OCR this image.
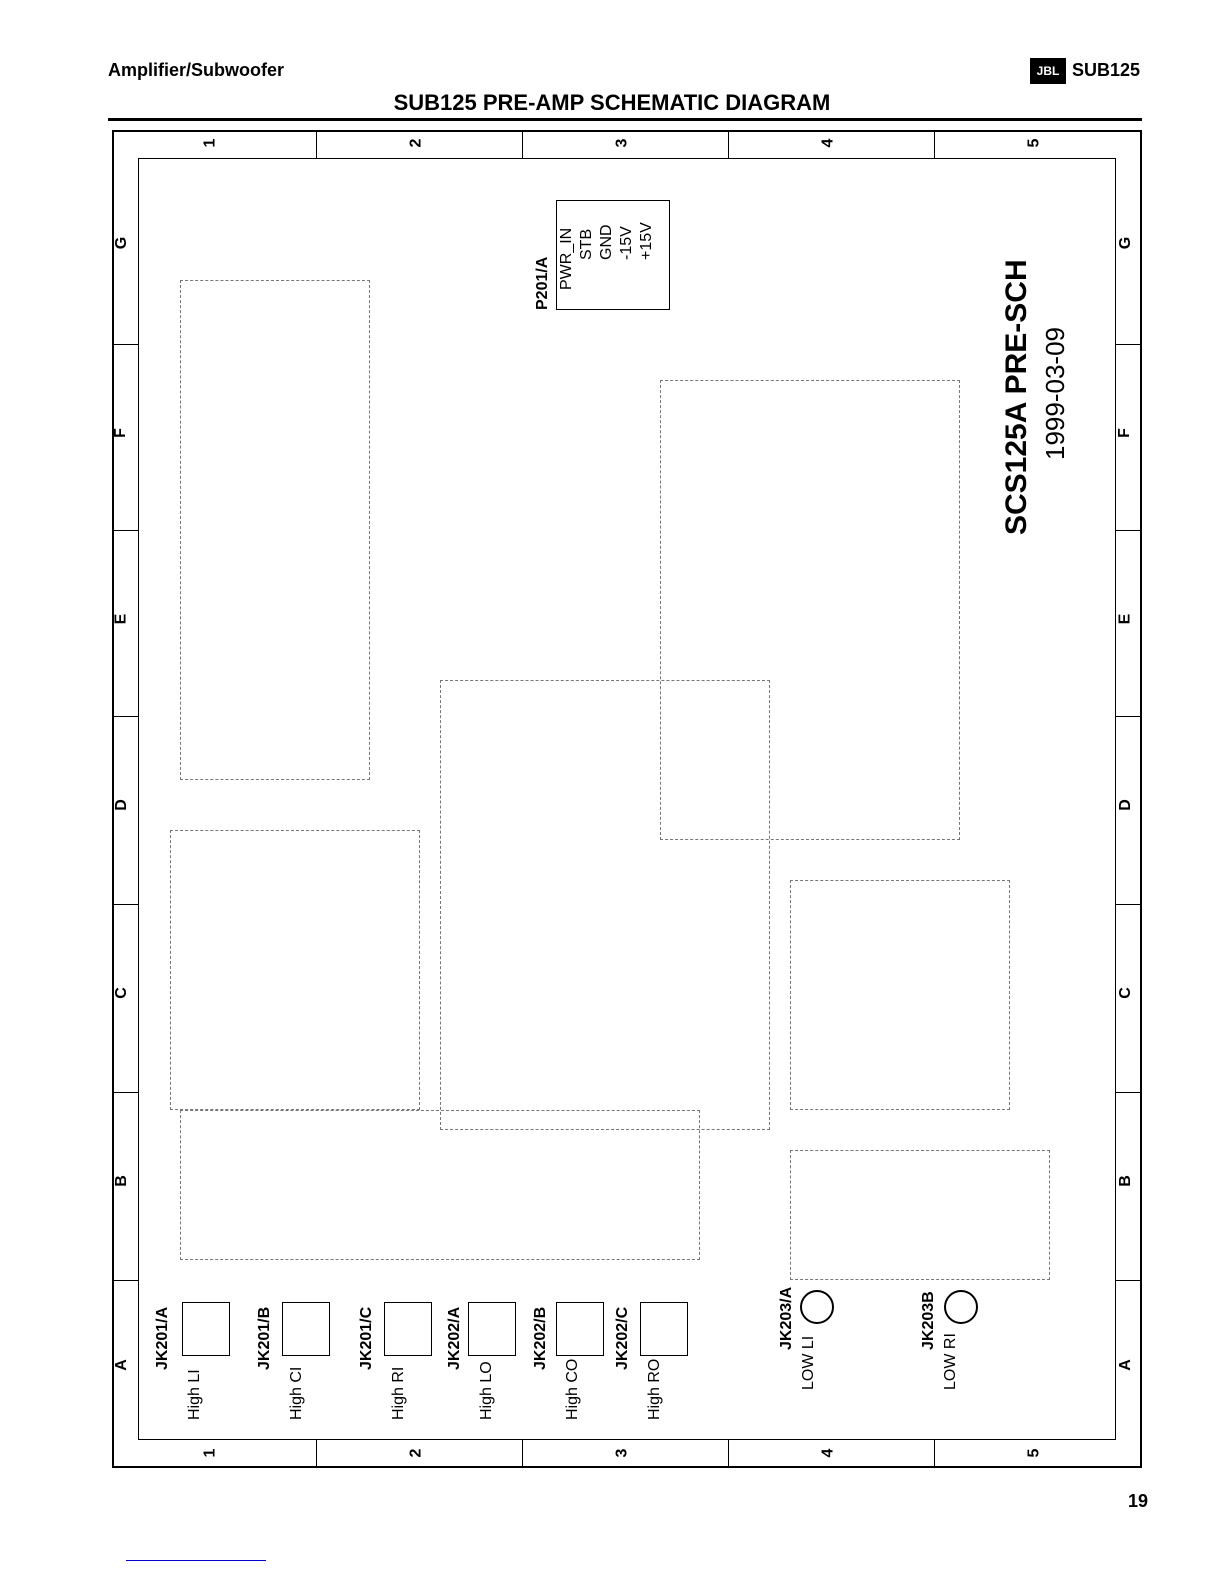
Amplifier/Subwoofer	JBL SUB125
SUB125 PRE-AMP SCHEMATIC DIAGRAM
1	2	3	4	5
1	2	3	4	5
G
F
E
D
C
B
A
G
F
E
D
C
B
A
P201/A PWR_IN STB GND -15V +15V
SCS125A PRE-SCH 1999-03-09
JK201/A
High LI
JK201/B
High CI
JK201/C
High RI
JK202/A
High LO
JK202/B
High CO
JK202/C
High RO
JK203/A
LOW LI
JK203B
LOW RI
19
